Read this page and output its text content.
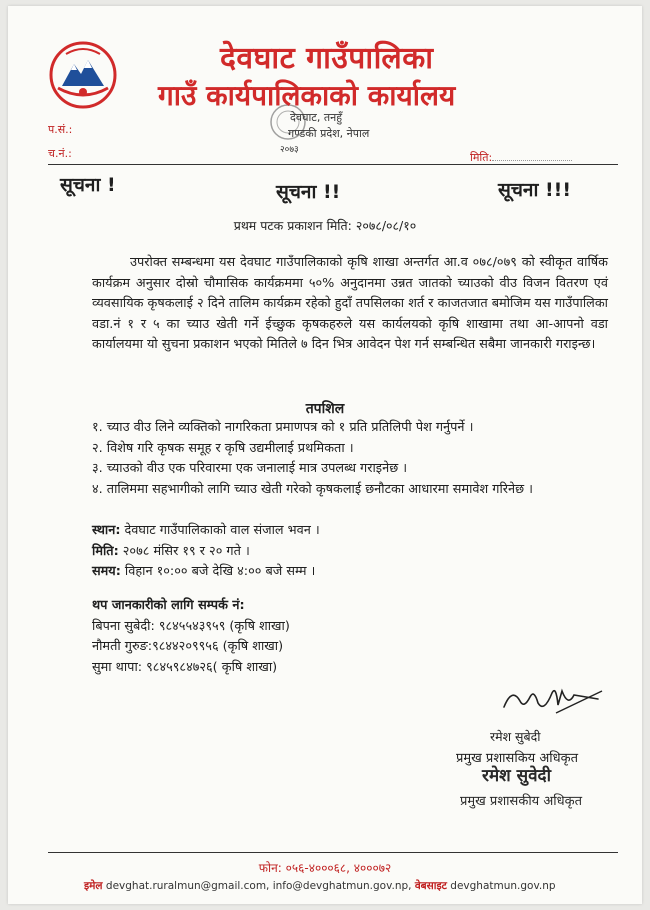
देवघाट गाउँपालिका
गाउँ कार्यपालिकाको कार्यालय
देवघाट, तनहुँ
गण्डकी प्रदेश, नेपाल
२०७३
प.सं.:
च.नं.:	मिति:
सूचना !	सूचना !!	सूचना !!!
प्रथम पटक प्रकाशन मिति: २०७८/०८/१०
उपरोक्त सम्बन्धमा यस देवघाट गाउँपालिकाको कृषि शाखा अन्तर्गत आ.व ०७८/०७९ को स्वीकृत वार्षिक कार्यक्रम अनुसार दोस्रो चौमासिक कार्यक्रममा ५०% अनुदानमा उन्नत जातको च्याउको वीउ विजन वितरण एवं व्यवसायिक कृषकलाई २ दिने तालिम कार्यक्रम रहेको हुदाँ तपसिलका शर्त र काजतजात बमोजिम यस गाउँपालिका वडा.नं १ र ५ का च्याउ खेती गर्ने ईच्छुक कृषकहरुले यस कार्यलयको कृषि शाखामा तथा आ-आपनो वडा कार्यालयमा यो सुचना प्रकाशन भएको मितिले ७ दिन भित्र आवेदन पेश गर्न सम्बन्धित सबैमा जानकारी गराइन्छ।
तपशिल
१. च्याउ वीउ लिने व्यक्तिको नागरिकता प्रमाणपत्र को १ प्रति प्रतिलिपी पेश गर्नुपर्ने ।
२. विशेष गरि कृषक समूह र कृषि उद्यमीलाई प्रथमिकता ।
३. च्याउको वीउ एक परिवारमा एक जनालाई मात्र उपलब्ध गराइनेछ ।
४. तालिममा सहभागीको लागि च्याउ खेती गरेको कृषकलाई छनौटका आधारमा समावेश गरिनेछ ।
स्थान: देवघाट गाउँपालिकाको वाल संजाल भवन ।
मिति: २०७८ मंसिर १९ र २० गते ।
समय: विहान १०:०० बजे देखि ४:०० बजे सम्म ।
थप जानकारीको लागि सम्पर्क नं:
बिपना सुबेदी: ९८४५५४३९५९ (कृषि शाखा)
नौमती गुरुङ:९८४४२०९९५६ (कृषि शाखा)
सुमा थापा: ९८४५९८४७२६( कृषि शाखा)
रमेश सुबेदी
प्रमुख प्रशासकिय अधिकृत
रमेश सुवेदी
प्रमुख प्रशासकीय अधिकृत
फोन: ०५६-४०००६८, ४०००७२
इमेल devghat.ruralmun@gmail.com, info@devghatmun.gov.np, वेबसाइट devghatmun.gov.np
